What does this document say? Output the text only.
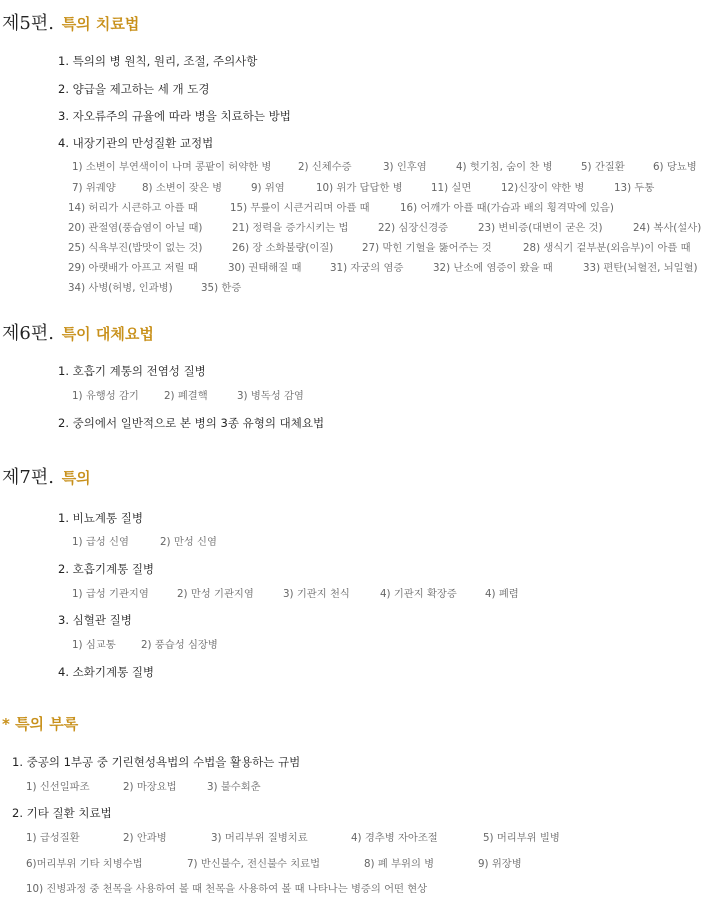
제5편. 특의 치료법
1. 특의의 병 원칙, 원리, 조절, 주의사항
2. 양급을 제고하는 세 개 도경
3. 자오류주의 규율에 따라 병을 치료하는 방법
4. 내장기관의 만성질환 교정법
1) 소변이 부연색이이 나며 콩팥이 허약한 병	2) 신체수증	3) 인후염	4) 헛기침, 숨이 찬 병	5) 간질환	6) 당뇨병
7) 위궤양	8) 소변이 잦은 병	9) 위염	10) 위가 답답한 병	11) 실면	12)신장이 약한 병	13) 두통
14) 허리가 시큰하고 아플 때	15) 무릎이 시큰거리며 아플 때	16) 어깨가 아플 때(가슴과 배의 횡격막에 있음)
20) 관절염(풍습염이 아닐 때)	21) 정력을 증가시키는 법	22) 심장신경증	23) 변비증(대변이 굳은 것)	24) 복사(설사)
25) 식욕부진(밥맛이 없는 것)	26) 장 소화불량(이질)	27) 막힌 기혈을 뚫어주는 것	28) 생식기 겉부분(외음부)이 아플 때
29) 아랫배가 아프고 저릴 때	30) 권태해질 때	31) 자궁의 염증	32) 난소에 염증이 왔을 때	33) 편탄(뇌혈전, 뇌일혈)
34) 사병(허병, 인과병)	35) 한증
제6편. 특이 대체요법
1. 호흡기 계통의 전염성 질병
1) 유행성 감기 2) 폐결핵	3) 병독성 감염
2. 중의에서 일반적으로 본 병의 3종 유형의 대체요법
제7편. 특의
1. 비뇨계통 질병
1) 급성 신염	2) 만성 신염
2. 호흡기계통 질병
1) 급성 기관지염	2) 만성 기관지염	3) 기관지 천식	4) 기관지 확장증	4) 폐렴
3. 심혈관 질병
1) 심교통 2) 풍습성 심장병
4. 소화기계통 질병
* 특의 부록
1. 중공의 1부공 중 기린현성욕법의 수법을 활용하는 규범
1) 신선일파조	2) 마장요법	3) 불수회춘
2. 기타 질환 치료법
1) 급성질환	2) 안과병	3) 머리부위 질병치료	4) 경추병 자아조절	5) 머리부위 빌병
6)머리부위 기타 치병수법	7) 반신불수, 전신불수 치료법	8) 폐 부위의 병	9) 위장병
10) 진병과정 중 천목을 사용하여 볼 때 천목을 사용하여 볼 때 나타나는 병증의 어떤 현상
